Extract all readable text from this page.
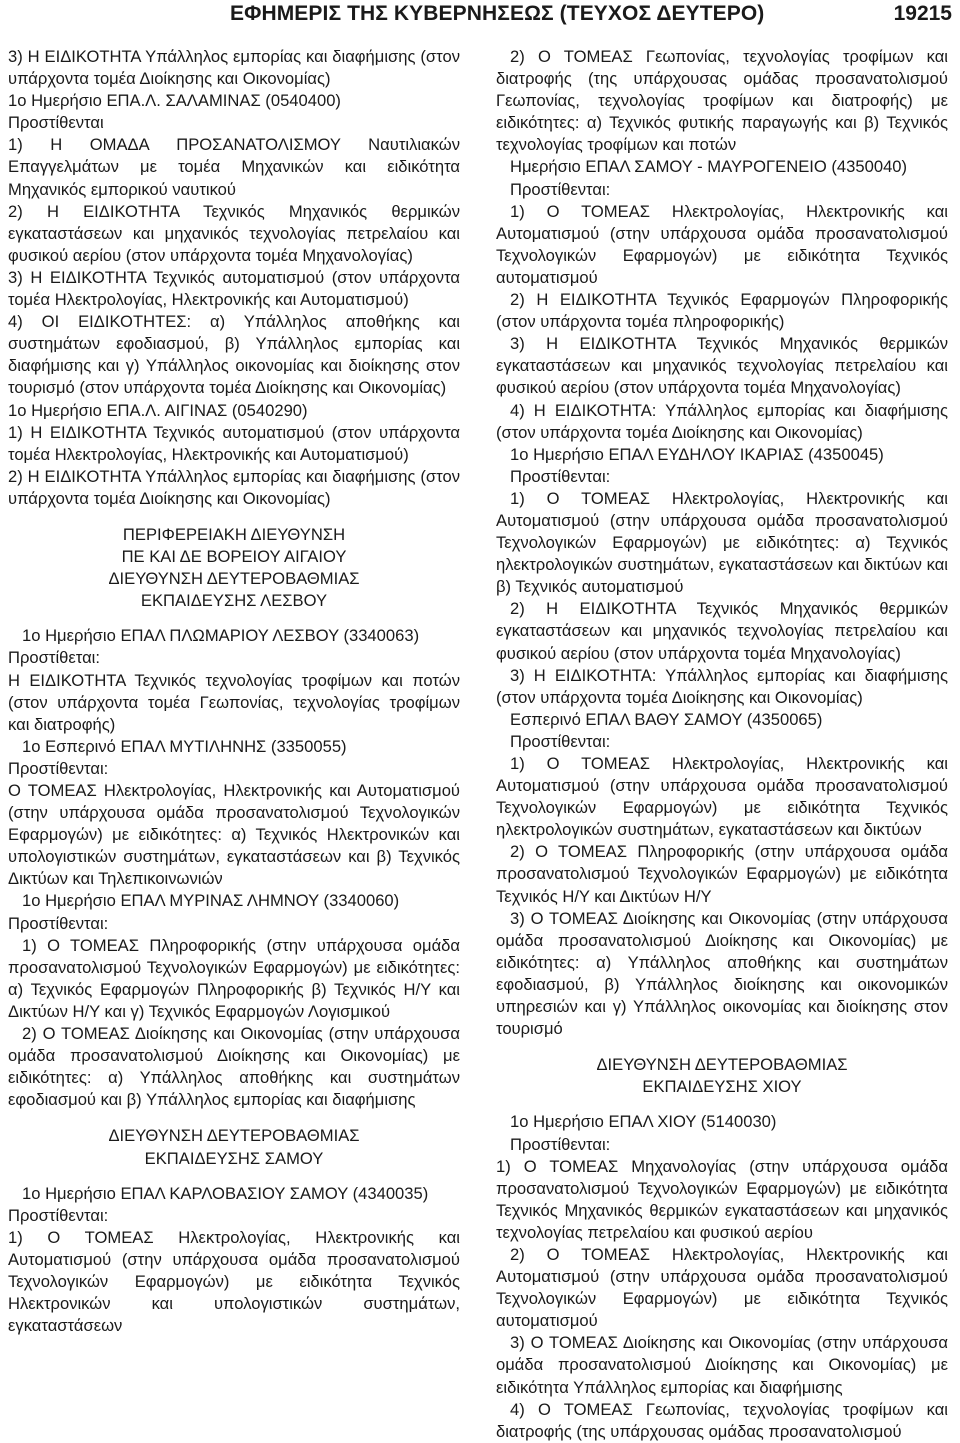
ΕΦΗΜΕΡΙΣ ΤΗΣ ΚΥΒΕΡΝΗΣΕΩΣ (ΤΕΥΧΟΣ ΔΕΥΤΕΡΟ)	19215

3) Η ΕΙΔΙΚΟΤΗΤΑ Υπάλληλος εμπορίας και διαφήμισης (στον υπάρχοντα τομέα Διοίκησης και Οικονομίας)

1ο Ημερήσιο ΕΠΑ.Λ. ΣΑΛΑΜΙΝΑΣ (0540400)

Προστίθενται

1) Η ΟΜΑΔΑ ΠΡΟΣΑΝΑΤΟΛΙΣΜΟΥ Ναυτιλιακών Επαγγελμάτων με τομέα Μηχανικών και ειδικότητα Μηχανικός εμπορικού ναυτικού

2) Η ΕΙΔΙΚΟΤΗΤΑ Τεχνικός Μηχανικός θερμικών εγκαταστάσεων και μηχανικός τεχνολογίας πετρελαίου και φυσικού αερίου (στον υπάρχοντα τομέα Μηχανολογίας)

3) Η ΕΙΔΙΚΟΤΗΤΑ Τεχνικός αυτοματισμού (στον υπάρχοντα τομέα Ηλεκτρολογίας, Ηλεκτρονικής και Αυτοματισμού)

4) ΟΙ ΕΙΔΙΚΟΤΗΤΕΣ: α) Υπάλληλος αποθήκης και συστημάτων εφοδιασμού, β) Υπάλληλος εμπορίας και διαφήμισης και γ) Υπάλληλος οικονομίας και διοίκησης στον τουρισμό (στον υπάρχοντα τομέα Διοίκησης και Οικονομίας)

1ο Ημερήσιο ΕΠΑ.Λ. ΑΙΓΙΝΑΣ (0540290)

1) Η ΕΙΔΙΚΟΤΗΤΑ Τεχνικός αυτοματισμού (στον υπάρχοντα τομέα Ηλεκτρολογίας, Ηλεκτρονικής και Αυτοματισμού)

2) Η ΕΙΔΙΚΟΤΗΤΑ Υπάλληλος εμπορίας και διαφήμισης (στον υπάρχοντα τομέα Διοίκησης και Οικονομίας)

ΠΕΡΙΦΕΡΕΙΑΚΗ ΔΙΕΥΘΥΝΣΗ
ΠΕ ΚΑΙ ΔΕ ΒΟΡΕΙΟΥ ΑΙΓΑΙΟΥ
ΔΙΕΥΘΥΝΣΗ ΔΕΥΤΕΡΟΒΑΘΜΙΑΣ
ΕΚΠΑΙΔΕΥΣΗΣ ΛΕΣΒΟΥ

1ο Ημερήσιο ΕΠΑΛ ΠΛΩΜΑΡΙΟΥ ΛΕΣΒΟΥ (3340063)

Προστίθεται:

Η ΕΙΔΙΚΟΤΗΤΑ Τεχνικός τεχνολογίας τροφίμων και ποτών (στον υπάρχοντα τομέα Γεωπονίας, τεχνολογίας τροφίμων και διατροφής)

1ο Εσπερινό ΕΠΑΛ ΜΥΤΙΛΗΝΗΣ (3350055)

Προστίθενται:

Ο ΤΟΜΕΑΣ Ηλεκτρολογίας, Ηλεκτρονικής και Αυτοματισμού (στην υπάρχουσα ομάδα προσανατολισμού Τεχνολογικών Εφαρμογών) με ειδικότητες: α) Τεχνικός Ηλεκτρονικών και υπολογιστικών συστημάτων, εγκαταστάσεων και β) Τεχνικός Δικτύων και Τηλεπικοινωνιών

1ο Ημερήσιο ΕΠΑΛ ΜΥΡΙΝΑΣ ΛΗΜΝΟΥ (3340060)

Προστίθενται:

1) Ο ΤΟΜΕΑΣ Πληροφορικής (στην υπάρχουσα ομάδα προσανατολισμού Τεχνολογικών Εφαρμογών) με ειδικότητες: α) Τεχνικός Εφαρμογών Πληροφορικής β) Τεχνικός Η/Υ και Δικτύων Η/Υ και γ) Τεχνικός Εφαρμογών Λογισμικού

2) Ο ΤΟΜΕΑΣ Διοίκησης και Οικονομίας (στην υπάρχουσα ομάδα προσανατολισμού Διοίκησης και Οικονομίας) με ειδικότητες: α) Υπάλληλος αποθήκης και συστημάτων εφοδιασμού και β) Υπάλληλος εμπορίας και διαφήμισης

ΔΙΕΥΘΥΝΣΗ ΔΕΥΤΕΡΟΒΑΘΜΙΑΣ
ΕΚΠΑΙΔΕΥΣΗΣ ΣΑΜΟΥ

1ο Ημερήσιο ΕΠΑΛ ΚΑΡΛΟΒΑΣΙΟΥ ΣΑΜΟΥ (4340035)

Προστίθενται:

1) Ο ΤΟΜΕΑΣ Ηλεκτρολογίας, Ηλεκτρονικής και Αυτοματισμού (στην υπάρχουσα ομάδα προσανατολισμού Τεχνολογικών Εφαρμογών) με ειδικότητα Τεχνικός Ηλεκτρονικών και υπολογιστικών συστημάτων, εγκαταστάσεων

2) Ο ΤΟΜΕΑΣ Γεωπονίας, τεχνολογίας τροφίμων και διατροφής (της υπάρχουσας ομάδας προσανατολισμού Γεωπονίας, τεχνολογίας τροφίμων και διατροφής) με ειδικότητες: α) Τεχνικός φυτικής παραγωγής και β) Τεχνικός τεχνολογίας τροφίμων και ποτών

Ημερήσιο ΕΠΑΛ ΣΑΜΟΥ - ΜΑΥΡΟΓΕΝΕΙΟ (4350040)

Προστίθενται:

1) Ο ΤΟΜΕΑΣ Ηλεκτρολογίας, Ηλεκτρονικής και Αυτοματισμού (στην υπάρχουσα ομάδα προσανατολισμού Τεχνολογικών Εφαρμογών) με ειδικότητα Τεχνικός αυτοματισμού

2) Η ΕΙΔΙΚΟΤΗΤΑ Τεχνικός Εφαρμογών Πληροφορικής (στον υπάρχοντα τομέα πληροφορικής)

3) Η ΕΙΔΙΚΟΤΗΤΑ Τεχνικός Μηχανικός θερμικών εγκαταστάσεων και μηχανικός τεχνολογίας πετρελαίου και φυσικού αερίου (στον υπάρχοντα τομέα Μηχανολογίας)

4) Η ΕΙΔΙΚΟΤΗΤΑ: Υπάλληλος εμπορίας και διαφήμισης (στον υπάρχοντα τομέα Διοίκησης και Οικονομίας)

1ο Ημερήσιο ΕΠΑΛ ΕΥΔΗΛΟΥ ΙΚΑΡΙΑΣ (4350045)

Προστίθενται:

1) Ο ΤΟΜΕΑΣ Ηλεκτρολογίας, Ηλεκτρονικής και Αυτοματισμού (στην υπάρχουσα ομάδα προσανατολισμού Τεχνολογικών Εφαρμογών) με ειδικότητες: α) Τεχνικός ηλεκτρολογικών συστημάτων, εγκαταστάσεων και δικτύων και β) Τεχνικός αυτοματισμού

2) Η ΕΙΔΙΚΟΤΗΤΑ Τεχνικός Μηχανικός θερμικών εγκαταστάσεων και μηχανικός τεχνολογίας πετρελαίου και φυσικού αερίου (στον υπάρχοντα τομέα Μηχανολογίας)

3) Η ΕΙΔΙΚΟΤΗΤΑ: Υπάλληλος εμπορίας και διαφήμισης (στον υπάρχοντα τομέα Διοίκησης και Οικονομίας)

Εσπερινό ΕΠΑΛ ΒΑΘΥ ΣΑΜΟΥ (4350065)

Προστίθενται:

1) Ο ΤΟΜΕΑΣ Ηλεκτρολογίας, Ηλεκτρονικής και Αυτοματισμού (στην υπάρχουσα ομάδα προσανατολισμού Τεχνολογικών Εφαρμογών) με ειδικότητα Τεχνικός ηλεκτρολογικών συστημάτων, εγκαταστάσεων και δικτύων

2) Ο ΤΟΜΕΑΣ Πληροφορικής (στην υπάρχουσα ομάδα προσανατολισμού Τεχνολογικών Εφαρμογών) με ειδικότητα Τεχνικός Η/Υ και Δικτύων Η/Υ

3) Ο ΤΟΜΕΑΣ Διοίκησης και Οικονομίας (στην υπάρχουσα ομάδα προσανατολισμού Διοίκησης και Οικονομίας) με ειδικότητες: α) Υπάλληλος αποθήκης και συστημάτων εφοδιασμού, β) Υπάλληλος διοίκησης και οικονομικών υπηρεσιών και γ) Υπάλληλος οικονομίας και διοίκησης στον τουρισμό

ΔΙΕΥΘΥΝΣΗ ΔΕΥΤΕΡΟΒΑΘΜΙΑΣ
ΕΚΠΑΙΔΕΥΣΗΣ ΧΙΟΥ

1ο Ημερήσιο ΕΠΑΛ ΧΙΟΥ (5140030)

Προστίθενται:

1) Ο ΤΟΜΕΑΣ Μηχανολογίας (στην υπάρχουσα ομάδα προσανατολισμού Τεχνολογικών Εφαρμογών) με ειδικότητα Τεχνικός Μηχανικός θερμικών εγκαταστάσεων και μηχανικός τεχνολογίας πετρελαίου και φυσικού αερίου

2) Ο ΤΟΜΕΑΣ Ηλεκτρολογίας, Ηλεκτρονικής και Αυτοματισμού (στην υπάρχουσα ομάδα προσανατολισμού Τεχνολογικών Εφαρμογών) με ειδικότητα Τεχνικός αυτοματισμού

3) Ο ΤΟΜΕΑΣ Διοίκησης και Οικονομίας (στην υπάρχουσα ομάδα προσανατολισμού Διοίκησης και Οικονομίας) με ειδικότητα Υπάλληλος εμπορίας και διαφήμισης

4) Ο ΤΟΜΕΑΣ Γεωπονίας, τεχνολογίας τροφίμων και διατροφής (της υπάρχουσας ομάδας προσανατολισμού
